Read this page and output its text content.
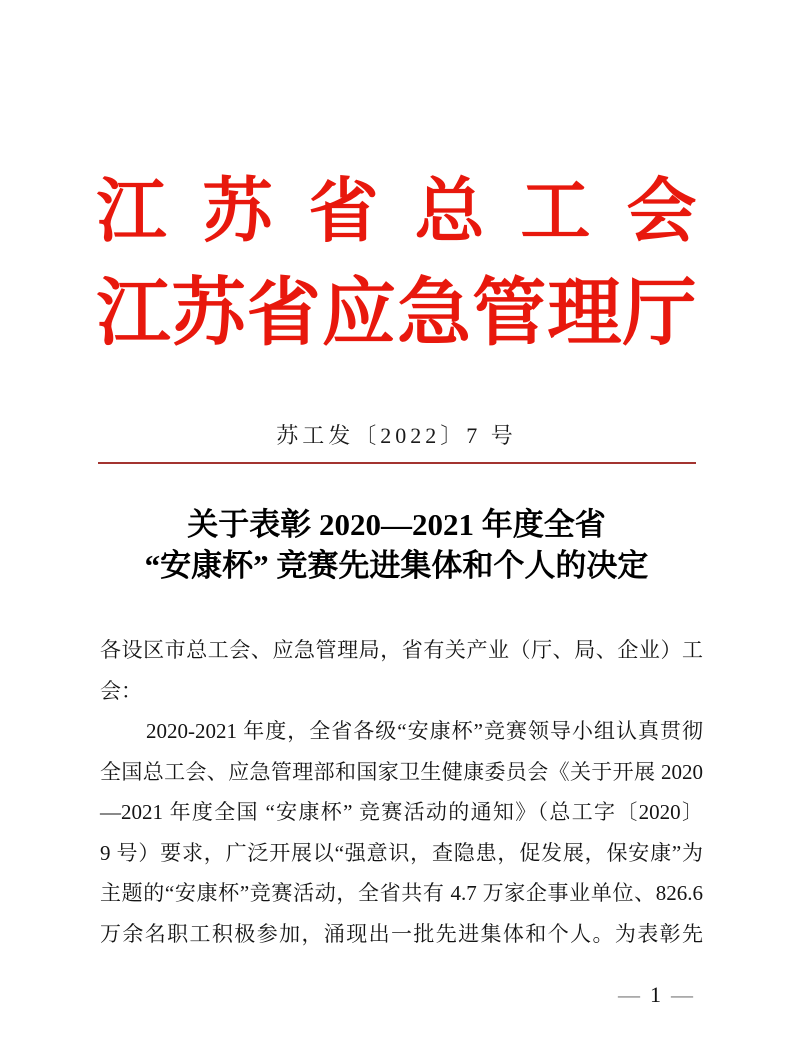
江 苏 省 总 工 会
江 苏 省 应 急 管 理 厅
苏工发〔2022〕7 号
关于表彰 2020—2021 年度全省
“安康杯” 竞赛先进集体和个人的决定
各设区市总工会、应急管理局，省有关产业（厅、局、企业）工
会：
2020-2021 年度，全省各级“安康杯”竞赛领导小组认真贯彻
全国总工会、应急管理部和国家卫生健康委员会《关于开展 2020
—2021 年度全国 “安康杯” 竞赛活动的通知》（总工字〔2020〕
9 号）要求，广泛开展以“强意识，查隐患，促发展，保安康”为
主题的“安康杯”竞赛活动，全省共有 4.7 万家企事业单位、826.6
万余名职工积极参加，涌现出一批先进集体和个人。为表彰先
— 1 —
